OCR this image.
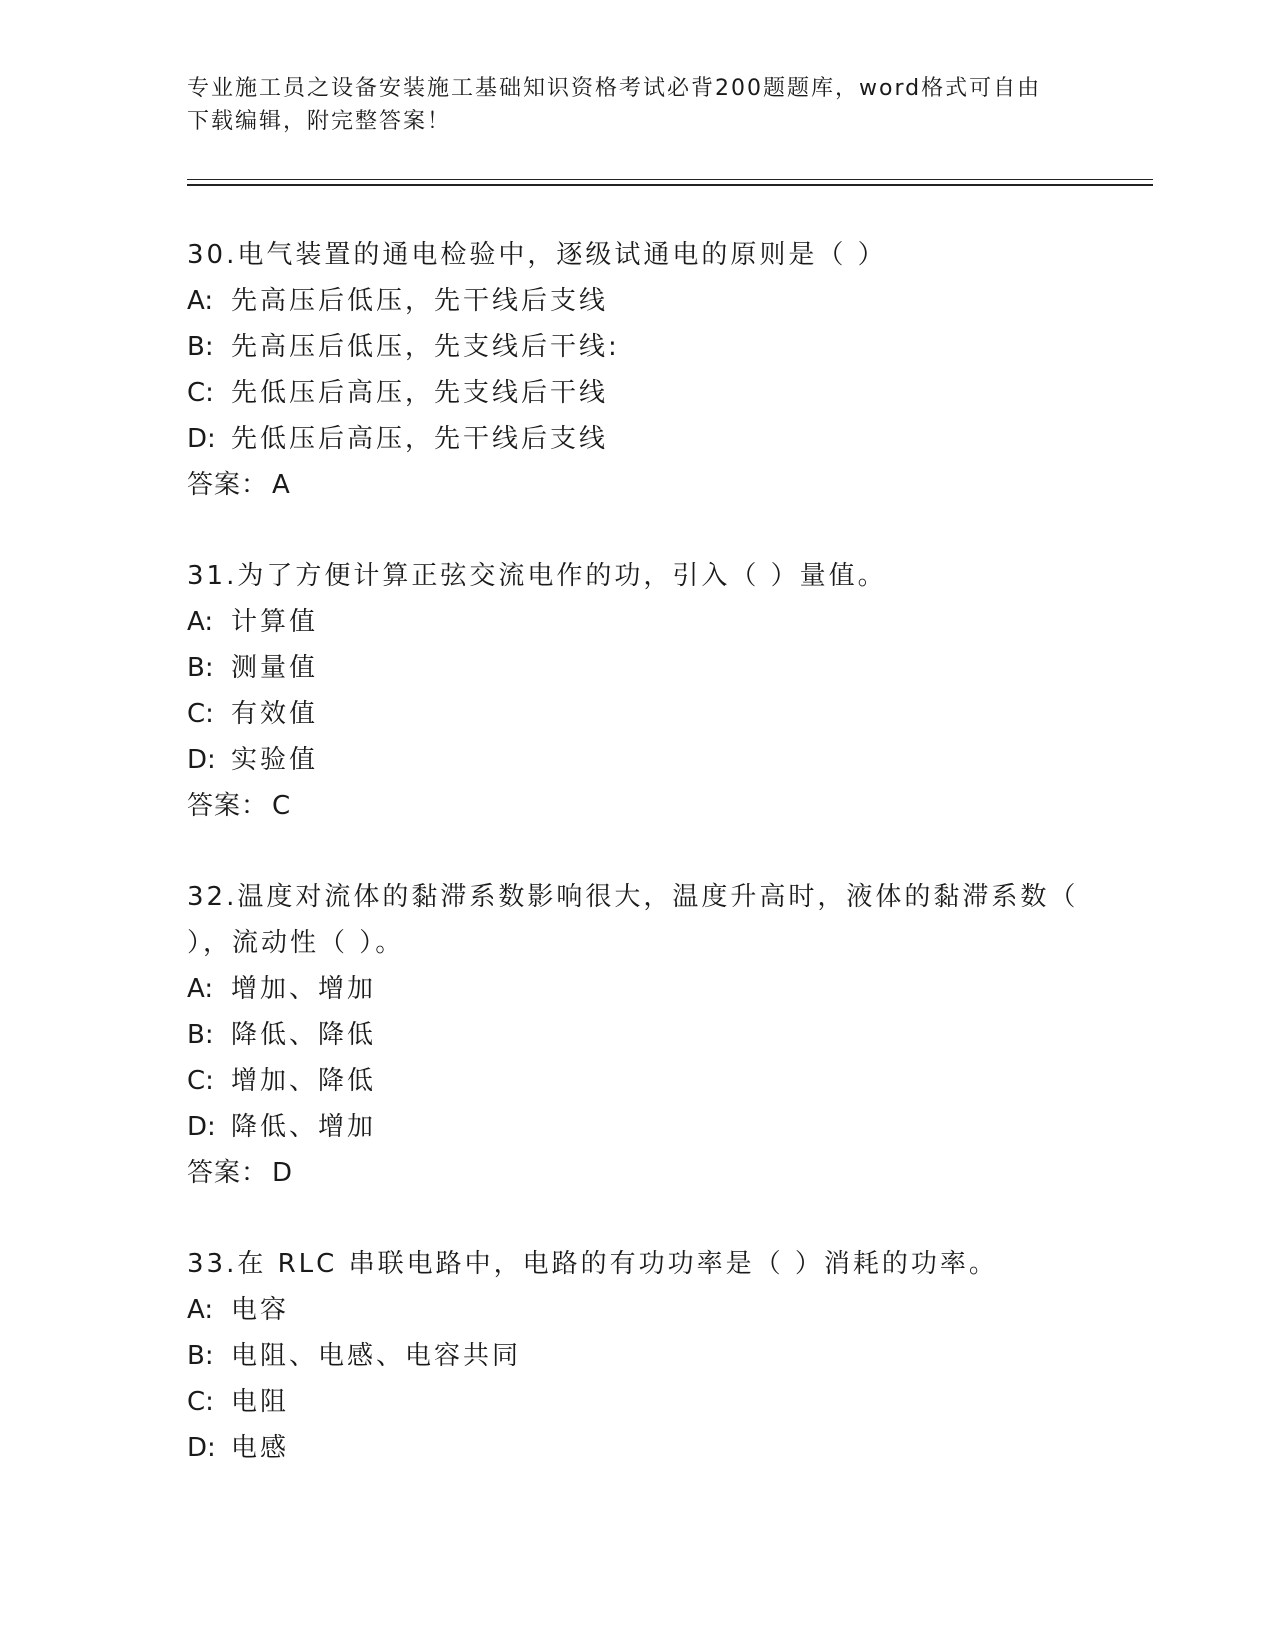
专业施工员之设备安装施工基础知识资格考试必背200题题库，word格式可自由
下载编辑，附完整答案！
30.电气装置的通电检验中，逐级试通电的原则是（ ）
A: 先高压后低压，先干线后支线
B: 先高压后低压，先支线后干线:
C: 先低压后高压，先支线后干线
D: 先低压后高压，先干线后支线
答案： A
31.为了方便计算正弦交流电作的功，引入（ ）量值。
A: 计算值
B: 测量值
C: 有效值
D: 实验值
答案： C
32.温度对流体的黏滞系数影响很大，温度升高时，液体的黏滞系数（
），流动性（ ）。
A: 增加、增加
B: 降低、降低
C: 增加、降低
D: 降低、增加
答案： D
33.在 RLC 串联电路中，电路的有功功率是（ ）消耗的功率。
A: 电容
B: 电阻、电感、电容共同
C: 电阻
D: 电感
